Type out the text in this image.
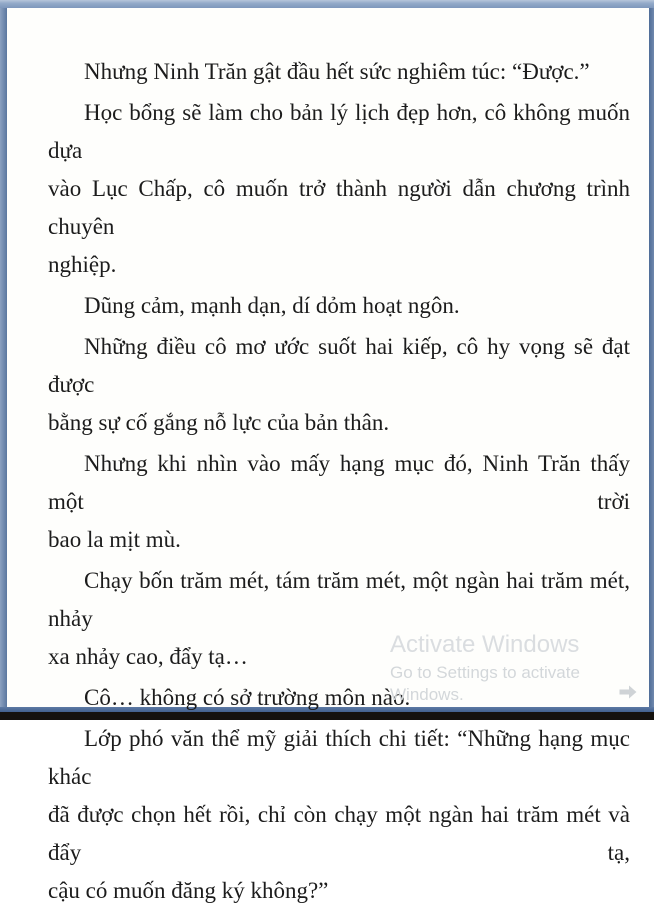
Nhưng Ninh Trăn gật đầu hết sức nghiêm túc: “Được.”

Học bổng sẽ làm cho bản lý lịch đẹp hơn, cô không muốn dựa
vào Lục Chấp, cô muốn trở thành người dẫn chương trình chuyên
nghiệp.

Dũng cảm, mạnh dạn, dí dỏm hoạt ngôn.

Những điều cô mơ ước suốt hai kiếp, cô hy vọng sẽ đạt được
bằng sự cố gắng nỗ lực của bản thân.

Nhưng khi nhìn vào mấy hạng mục đó, Ninh Trăn thấy một trời
bao la mịt mù.

Chạy bốn trăm mét, tám trăm mét, một ngàn hai trăm mét, nhảy
xa nhảy cao, đẩy tạ…

Cô… không có sở trường môn nào.

Lớp phó văn thể mỹ giải thích chi tiết: “Những hạng mục khác
đã được chọn hết rồi, chỉ còn chạy một ngàn hai trăm mét và đẩy tạ,
cậu có muốn đăng ký không?”

Activate Windows
Go to Settings to activate Windows.
